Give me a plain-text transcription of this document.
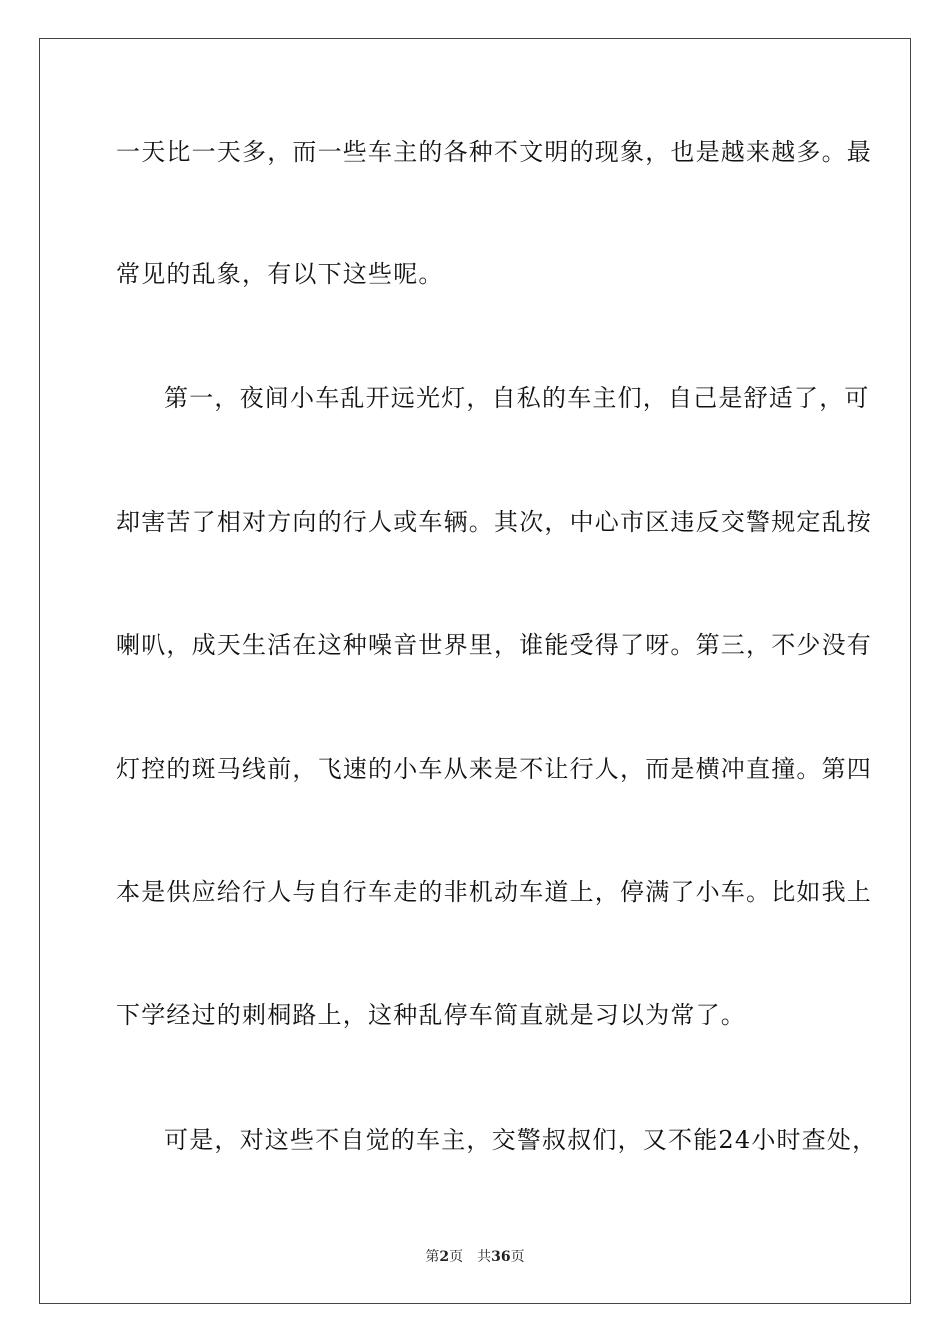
一天比一天多，而一些车主的各种不文明的现象，也是越来越多。最
常见的乱象，有以下这些呢。
第一，夜间小车乱开远光灯，自私的车主们，自己是舒适了，可
却害苦了相对方向的行人或车辆。其次，中心市区违反交警规定乱按
喇叭，成天生活在这种噪音世界里，谁能受得了呀。第三，不少没有
灯控的斑马线前，飞速的小车从来是不让行人，而是横冲直撞。第四
本是供应给行人与自行车走的非机动车道上，停满了小车。比如我上
下学经过的刺桐路上，这种乱停车简直就是习以为常了。
可是，对这些不自觉的车主，交警叔叔们，又不能24小时查处，
第2页 共36页
